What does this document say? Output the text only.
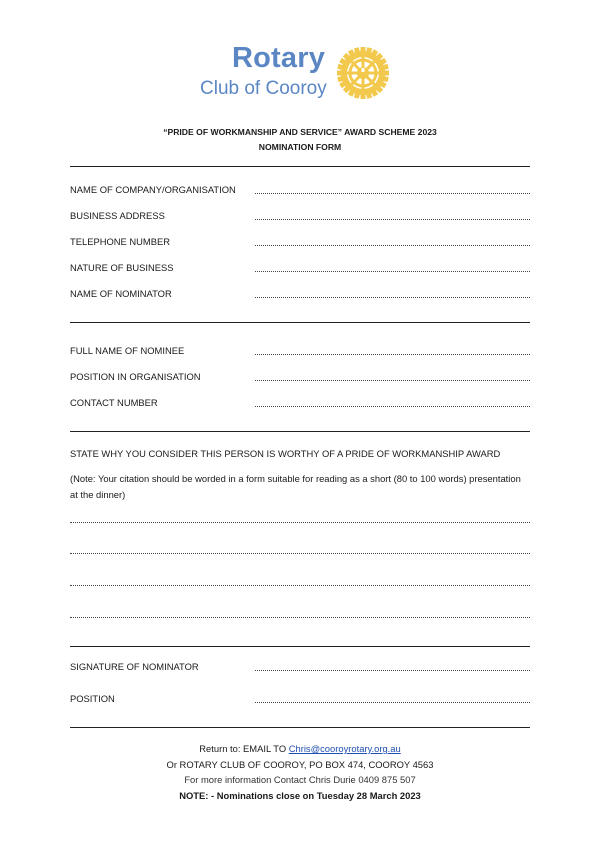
Rotary
Club of Cooroy
“PRIDE OF WORKMANSHIP AND SERVICE” AWARD SCHEME 2023
NOMINATION FORM
NAME OF COMPANY/ORGANISATION
BUSINESS ADDRESS
TELEPHONE NUMBER
NATURE OF BUSINESS
NAME OF NOMINATOR
FULL NAME OF NOMINEE
POSITION IN ORGANISATION
CONTACT NUMBER
STATE WHY YOU CONSIDER THIS PERSON IS WORTHY OF A PRIDE OF WORKMANSHIP AWARD
(Note: Your citation should be worded in a form suitable for reading as a short (80 to 100 words) presentation at the dinner)
SIGNATURE OF NOMINATOR
POSITION
Return to: EMAIL TO Chris@cooroyrotary.org.au
Or ROTARY CLUB OF COOROY, PO BOX 474, COOROY 4563
For more information Contact Chris Durie 0409 875 507
NOTE: - Nominations close on Tuesday 28 March 2023
